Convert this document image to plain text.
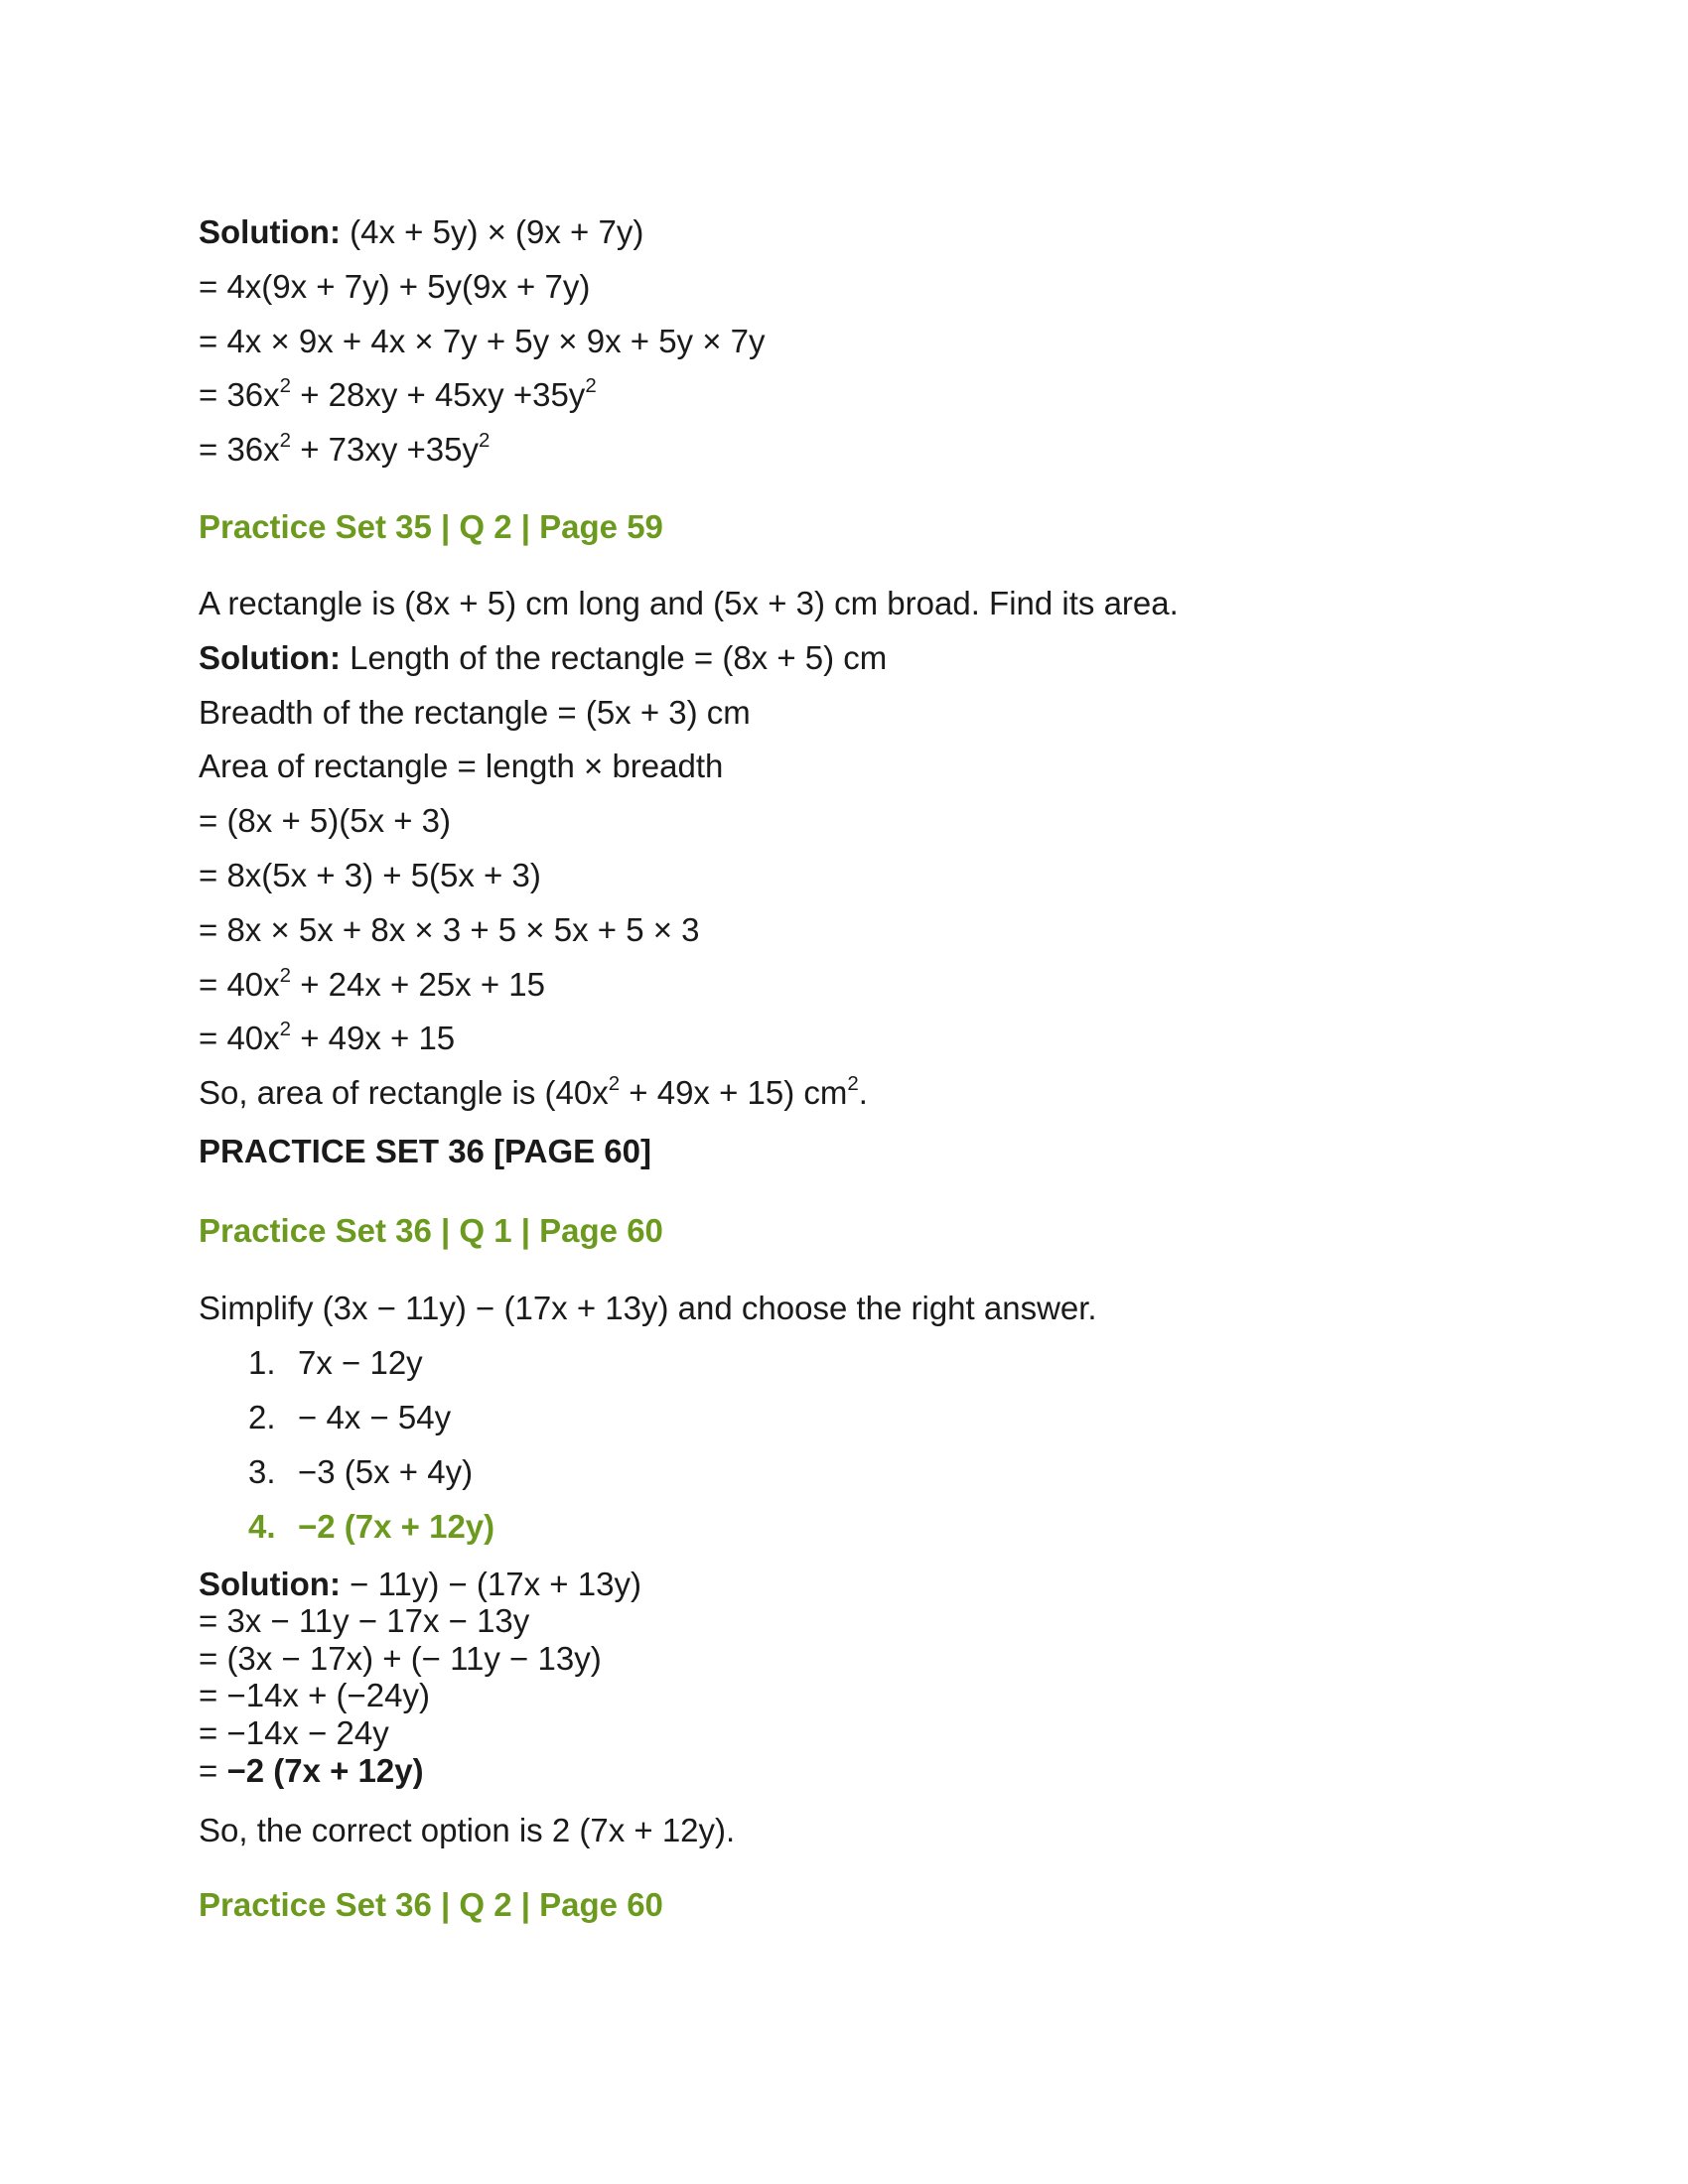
Solution: (4x + 5y) × (9x + 7y)
= 4x(9x + 7y) + 5y(9x + 7y)
= 4x × 9x + 4x × 7y + 5y × 9x + 5y × 7y
= $36x^2 + 28xy + 45xy +35y^2$
= $36x^2 + 73xy +35y^2$
Practice Set 35 | Q 2 | Page 59
A rectangle is (8x + 5) cm long and (5x + 3) cm broad. Find its area.
Solution: Length of the rectangle = (8x + 5) cm
Breadth of the rectangle = (5x + 3) cm
Area of rectangle = length × breadth
= (8x + 5)(5x + 3)
= 8x(5x + 3) + 5(5x + 3)
= 8x × 5x + 8x × 3 + 5 × 5x + 5 × 3
= $40x^2 + 24x + 25x + 15$
= $40x^2 + 49x + 15$
So, area of rectangle is $(40x^2 + 49x + 15)$ $cm^2$.
PRACTICE SET 36 [PAGE 60]
Practice Set 36 | Q 1 | Page 60
Simplify (3x − 11y) − (17x + 13y) and choose the right answer.
1. 7x − 12y
2. − 4x − 54y
3. −3 (5x + 4y)
4. −2 (7x + 12y)
Solution: − 11y) − (17x + 13y)
= 3x − 11y − 17x − 13y
= (3x − 17x) + (− 11y − 13y)
= −14x + (−24y)
= −14x − 24y
= −2 (7x + 12y)
So, the correct option is 2 (7x + 12y).
Practice Set 36 | Q 2 | Page 60
